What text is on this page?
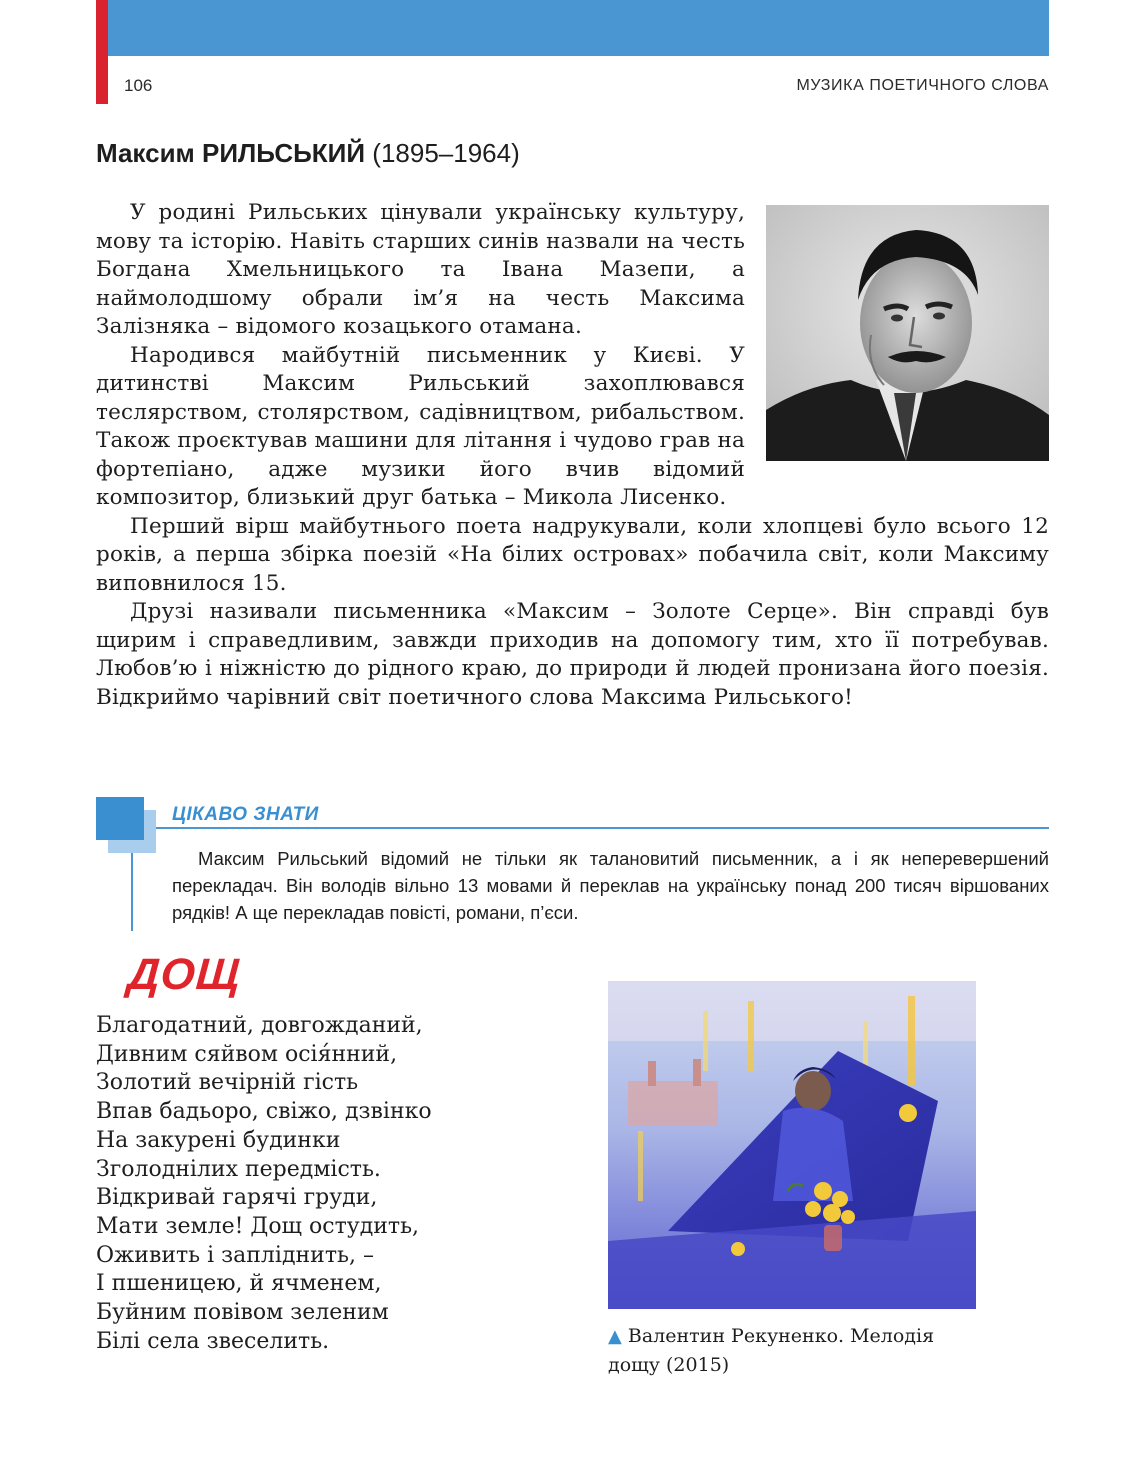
106	МУЗИКА ПОЕТИЧНОГО СЛОВА
Максим РИЛЬСЬКИЙ (1895–1964)

У родині Рильських цінували українську культуру, мову та історію. Навіть старших синів назвали на честь Богдана Хмельницького та Івана Мазепи, а наймолодшому обрали ім’я на честь Максима Залізняка – відомого козацького отамана.

Народився майбутній письменник у Києві. У дитинстві Максим Рильський захоплювався теслярством, столярством, садівництвом, рибальством. Також проєктував машини для літання і чудово грав на фортепіано, адже музики його вчив відомий композитор, близький друг батька – Микола Лисенко.

Перший вірш майбутнього поета надрукували, коли хлопцеві було всього 12 років, а перша збірка поезій «На білих островах» побачила світ, коли Максиму виповнилося 15.

Друзі називали письменника «Максим – Золоте Серце». Він справді був щирим і справедливим, завжди приходив на допомогу тим, хто її потребував. Любов’ю і ніжністю до рідного краю, до природи й людей пронизана його поезія. Відкриймо чарівний світ поетичного слова Максима Рильського!

ЦІКАВО ЗНАТИ

Максим Рильський відомий не тільки як талановитий письменник, а і як неперевершений перекладач. Він володів вільно 13 мовами й переклав на українську понад 200 тисяч віршованих рядків! А ще перекладав повісті, романи, п’єси.

ДОЩ
Благодатний, довгожданий,
Дивним сяйвом осія́нний,
Золотий вечірній гість
Впав бадьоро, свіжо, дзвінко
На закурені будинки
Зголоднілих передмість.
Відкривай гарячі груди,
Мати земле! Дощ остудить,
Оживить і запліднить, –
І пшеницею, й ячменем,
Буйним повівом зеленим
Білі села звеселить.	▲ Валентин Рекуненко. Мелодія дощу (2015)
